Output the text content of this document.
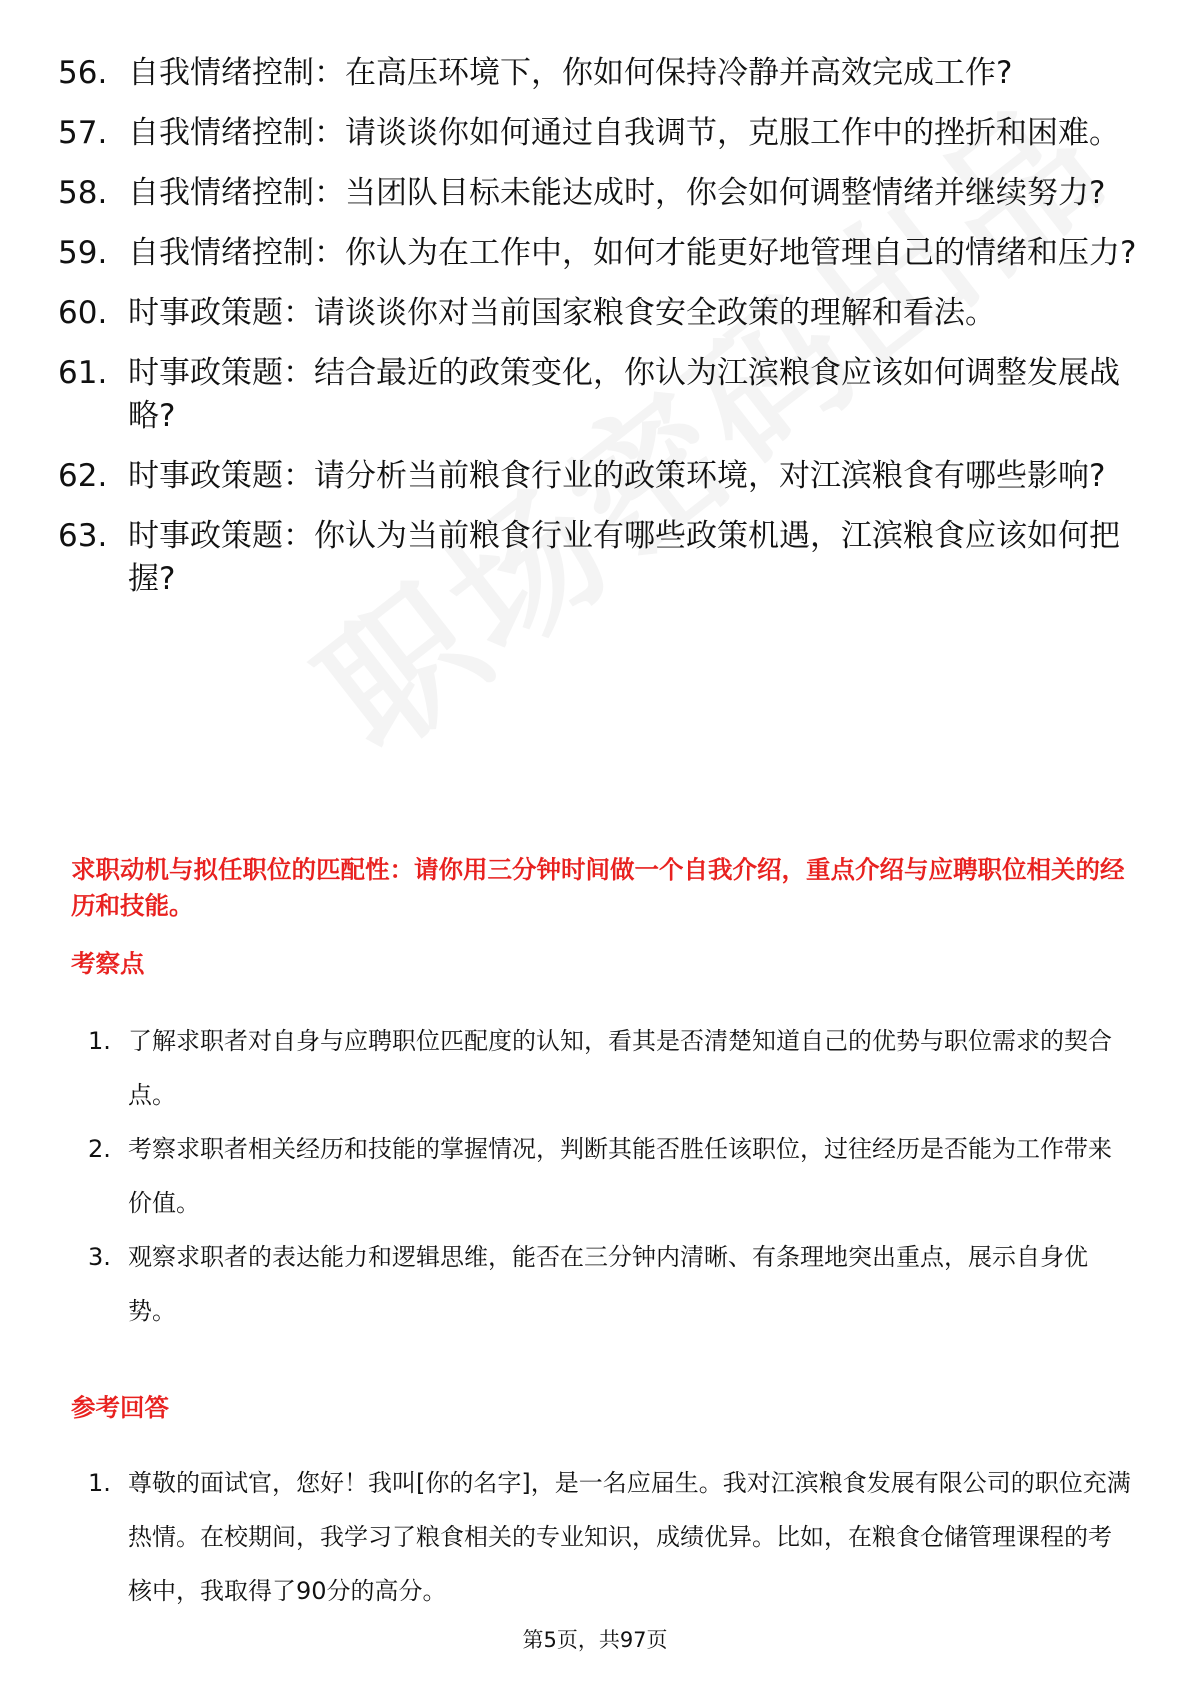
56. 自我情绪控制：在高压环境下，你如何保持冷静并高效完成工作?
57. 自我情绪控制：请谈谈你如何通过自我调节，克服工作中的挫折和困难。
58. 自我情绪控制：当团队目标未能达成时，你会如何调整情绪并继续努力?
59. 自我情绪控制：你认为在工作中，如何才能更好地管理自己的情绪和压力?
60. 时事政策题：请谈谈你对当前国家粮食安全政策的理解和看法。
61. 时事政策题：结合最近的政策变化，你认为江滨粮食应该如何调整发展战略?
62. 时事政策题：请分析当前粮食行业的政策环境，对江滨粮食有哪些影响?
63. 时事政策题：你认为当前粮食行业有哪些政策机遇，江滨粮食应该如何把握?
求职动机与拟任职位的匹配性：请你用三分钟时间做一个自我介绍，重点介绍与应聘职位相关的经历和技能。
考察点
1. 了解求职者对自身与应聘职位匹配度的认知，看其是否清楚知道自己的优势与职位需求的契合点。
2. 考察求职者相关经历和技能的掌握情况，判断其能否胜任该职位，过往经历是否能为工作带来价值。
3. 观察求职者的表达能力和逻辑思维，能否在三分钟内清晰、有条理地突出重点，展示自身优势。
参考回答
1. 尊敬的面试官，您好！我叫[你的名字]，是一名应届生。我对江滨粮食发展有限公司的职位充满热情。在校期间，我学习了粮食相关的专业知识，成绩优异。比如，在粮食仓储管理课程的考核中，我取得了90分的高分。
第5页，共97页
